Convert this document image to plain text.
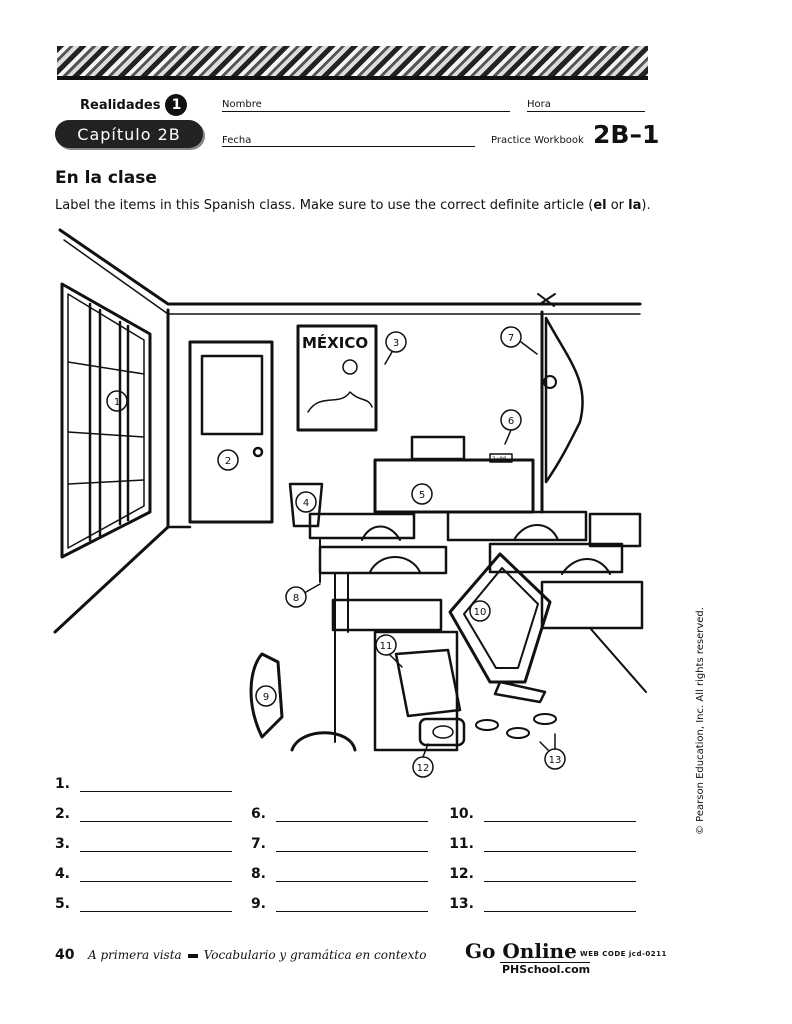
Realidades 1
Capítulo 2B
Nombre	Hora
Fecha	Practice Workbook 2B–1
En la clase
Label the items in this Spanish class. Make sure to use the correct definite article (el or la).
MÉXICO
2:00
1
2
3
4
5
6
7
8
9
10
11
12
13
1.
2.
3.
4.
5.
6.
7.
8.
9.
10.
11.
12.
13.
40 A primera vista Vocabulario y gramática en contexto Go Online WEB CODE jcd-0211
PHSchool.com
© Pearson Education, Inc. All rights reserved.
